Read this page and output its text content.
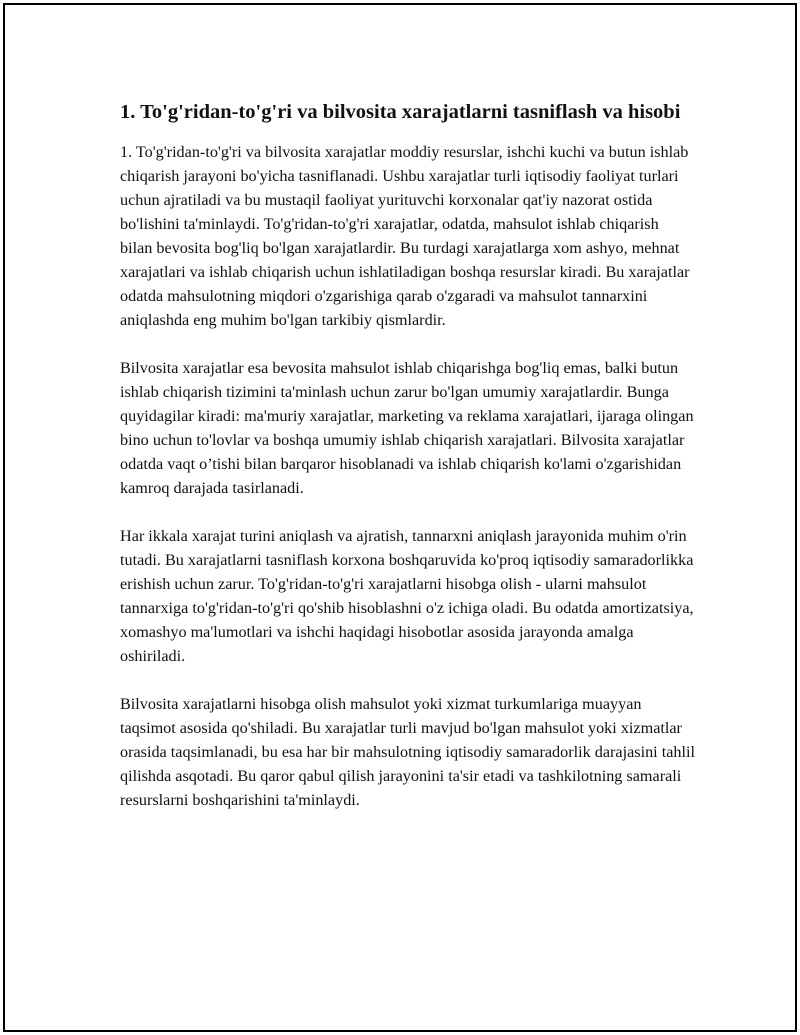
1. To'g'ridan-to'g'ri va bilvosita xarajatlarni tasniflash va hisobi

1. To'g'ridan-to'g'ri va bilvosita xarajatlar moddiy resurslar, ishchi kuchi va butun ishlab chiqarish jarayoni bo'yicha tasniflanadi. Ushbu xarajatlar turli iqtisodiy faoliyat turlari uchun ajratiladi va bu mustaqil faoliyat yurituvchi korxonalar qat'iy nazorat ostida bo'lishini ta'minlaydi. To'g'ridan-to'g'ri xarajatlar, odatda, mahsulot ishlab chiqarish bilan bevosita bog'liq bo'lgan xarajatlardir. Bu turdagi xarajatlarga xom ashyo, mehnat xarajatlari va ishlab chiqarish uchun ishlatiladigan boshqa resurslar kiradi. Bu xarajatlar odatda mahsulotning miqdori o'zgarishiga qarab o'zgaradi va mahsulot tannarxini aniqlashda eng muhim bo'lgan tarkibiy qismlardir.

Bilvosita xarajatlar esa bevosita mahsulot ishlab chiqarishga bog'liq emas, balki butun ishlab chiqarish tizimini ta'minlash uchun zarur bo'lgan umumiy xarajatlardir. Bunga quyidagilar kiradi: ma'muriy xarajatlar, marketing va reklama xarajatlari, ijaraga olingan bino uchun to'lovlar va boshqa umumiy ishlab chiqarish xarajatlari. Bilvosita xarajatlar odatda vaqt o’tishi bilan barqaror hisoblanadi va ishlab chiqarish ko'lami o'zgarishidan kamroq darajada tasirlanadi.

Har ikkala xarajat turini aniqlash va ajratish, tannarxni aniqlash jarayonida muhim o'rin tutadi. Bu xarajatlarni tasniflash korxona boshqaruvida ko'proq iqtisodiy samaradorlikka erishish uchun zarur. To'g'ridan-to'g'ri xarajatlarni hisobga olish - ularni mahsulot tannarxiga to'g'ridan-to'g'ri qo'shib hisoblashni o'z ichiga oladi. Bu odatda amortizatsiya, xomashyo ma'lumotlari va ishchi haqidagi hisobotlar asosida jarayonda amalga oshiriladi.

Bilvosita xarajatlarni hisobga olish mahsulot yoki xizmat turkumlariga muayyan taqsimot asosida qo'shiladi. Bu xarajatlar turli mavjud bo'lgan mahsulot yoki xizmatlar orasida taqsimlanadi, bu esa har bir mahsulotning iqtisodiy samaradorlik darajasini tahlil qilishda asqotadi. Bu qaror qabul qilish jarayonini ta'sir etadi va tashkilotning samarali resurslarni boshqarishini ta'minlaydi.
